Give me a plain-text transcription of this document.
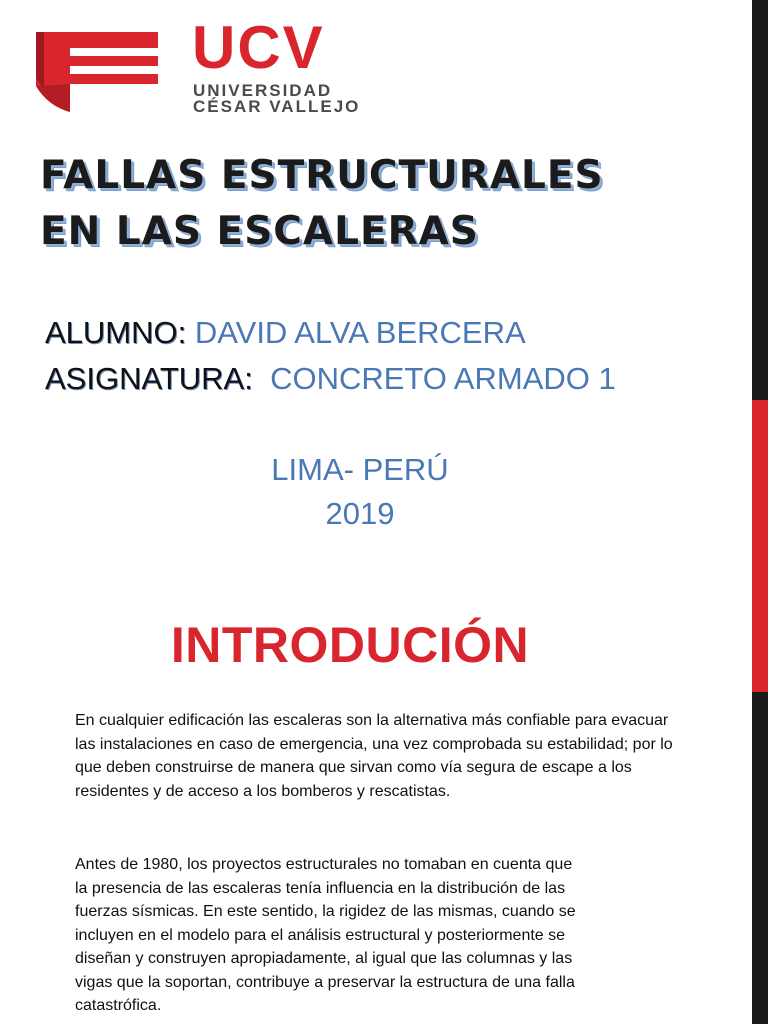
UCV
UNIVERSIDAD
CÉSAR VALLEJO
FALLAS ESTRUCTURALES
EN LAS ESCALERAS
ALUMNO: DAVID ALVA BERCERA
ASIGNATURA: CONCRETO ARMADO 1
LIMA- PERÚ
2019
INTRODUCIÓN
En cualquier edificación las escaleras son la alternativa más confiable para evacuar las instalaciones en caso de emergencia, una vez comprobada su estabilidad; por lo que deben construirse de manera que sirvan como vía segura de escape a los residentes y de acceso a los bomberos y rescatistas.
Antes de 1980, los proyectos estructurales no tomaban en cuenta que la presencia de las escaleras tenía influencia en la distribución de las fuerzas sísmicas. En este sentido, la rigidez de las mismas, cuando se incluyen en el modelo para el análisis estructural y posteriormente se diseñan y construyen apropiadamente, al igual que las columnas y las vigas que la soportan, contribuye a preservar la estructura de una falla catastrófica.
